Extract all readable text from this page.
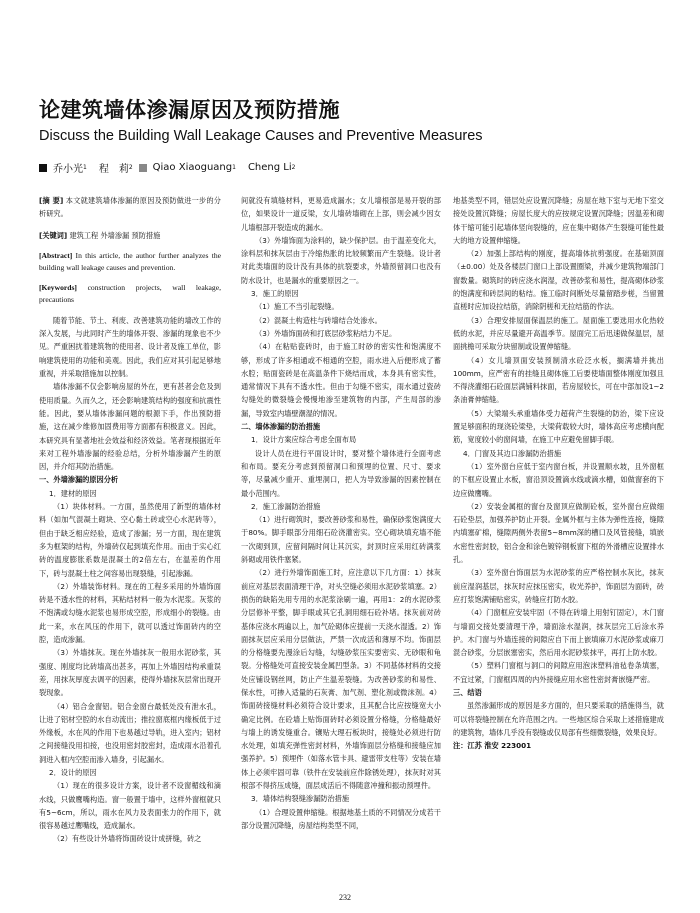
论建筑墙体渗漏原因及预防措施
Discuss the Building Wall Leakage Causes and Preventive Measures
乔小光 1 程　莉 2 Qiao Xiaoguang 1 Cheng Li 2

[摘 要] 本文就建筑墙体渗漏的原因及预防做进一步的分析研究。

[关键词] 建筑工程 外墙渗漏 预防措施

[Abstract] In this article, the author further analyzes the building wall leakage causes and prevention.

[Keywords] construction projects, wall leakage, precautions

随着节能、节土、利废、改善建筑功能的墙改工作的深入发展，与此同时产生的墙体开裂、渗漏的现象也不少见。严重困扰着建筑物的使用者、设计者及施工单位，影响建筑使用的功能和美观。因此，我们应对其引起足够地重视，并采取措施加以控制。

墙体渗漏不仅会影响房屋的外在，更有甚者会危及到使用质量。久而久之，还会影响建筑结构的强度和抗震性能。因此，要从墙体渗漏问题的根源下手，作出预防措施，这在减少维修加固费用等方面都有积极意义。因此，本研究具有显著地社会效益和经济效益。笔者现根据近年来对工程外墙渗漏的经验总结，分析外墙渗漏产生的原因，并介绍其防治措施。

一、外墙渗漏的原因分析

1．建材的原因

（1）块体材料。一方面，虽然使用了新型的墙体材料（如加气混凝土砌块、空心黏土砖或空心水泥砖等），但由于缺乏相应经验，造成了渗漏；另一方面，现在建筑多为框架的结构，外墙砖仅起到填充作用。而由于实心红砖的温度膨胀系数是混凝土的2倍左右，在温差的作用下，砖与混凝土柱之间容易出现裂缝，引起渗漏。

（2）外墙装饰材料。现在的工程多采用的外墙饰面砖是不透水性的材料，其粘结材料一般为水泥浆。灰浆的不饱满或勾缝水泥浆也易形成空腔，形成细小的裂缝。由此一来，水在风压的作用下，就可以透过饰面砖内的空腔，造成渗漏。

（3）外墙抹灰。现在外墙抹灰一般用水泥砂浆，其强度、刚度均比砖墙高出甚多，再加上外墙因结构承重误差，用抹灰厚度去调平的因素，使得外墙抹灰层常出现开裂现象。

（4）铝合金窗铝。铝合金窗台最低处没有泄水孔，让进了铝材空腔的水自动流出；推拉窗底框内缘板低于过外缘板，水在风的作用下也易越过导轨，进入室内；铝材之间接缝没用扣接，也没用密封胶密封，造成雨水沿着孔洞进入框内空腔而渗入墙身，引起漏水。

2．设计的原因

（1）现在的很多设计方案，设计者不设窗楣线和滴水线，只做鹰嘴构造。窗一般置于墙中，这样外窗框就只有5~6cm，所以，雨水在风力及表面张力的作用下，就很容易越过鹰嘴线，造成漏水。

（2）有些设计外墙将饰面砖设计成拼缝，砖之

间就没有填缝材料，更易造成漏水；女儿墙根部是易开裂的部位，如果设计一道反梁，女儿墙砖墙砌在上部，则会减少因女儿墙根部开裂造成的漏水。

（3）外墙饰面为涂料的，缺少保护层。由于温差变化大，涂料层和抹灰层由于冷缩热胀的比较频繁而产生裂缝。设计者对此类墙面的设计没有具体的抗裂要求，外墙预留洞口也没有防水设计，也是漏水的重要原因之一。

3．施工的原因

（1）施工不当引起裂缝。

（2）混凝土构造柱与砖墙结合处渗水。

（3）外墙饰面砖和打底层砂浆粘结力不足。

（4）在粘贴瓷砖时，由于施工时砂的密实性和饱满度不够，形成了许多相通或不相通的空腔，雨水进入后便形成了蓄水腔；贴面瓷砖是在高温条件下烧结而成，本身具有密实性，通常情况下具有不透水性。但由于勾缝不密实，雨水通过瓷砖勾缝处的微裂缝会慢慢地渗至建筑物的内部，产生局部的渗漏，导致室内墙壁潮湿的情况。

二、墙体渗漏的防治措施

1．设计方案应综合考虑全面布局

设计人员在进行平面设计时，要对整个墙体进行全面考虑和布局。要充分考虑到预留洞口和预埋的位置、尺寸、要求等，尽量减少重开、重埋洞口，把人为导致渗漏的因素控制在最小范围内。

2．施工渗漏防治措施

（1）进行砌筑时，要改善砂浆和易性，确保砂浆饱满度大于80%。脚手眼部分用细石砼浇灌密实。空心砌块填充墙不能一次砌到顶，应留间隔时间让其沉实，封顶时应采用红砖满浆斜砌或用铁件塞紧。

（2）进行外墙饰面施工时，应注意以下几方面：1）抹灰前应对基层表面清理干净，对头空缝必须用水泥砂浆填塞。2）损伤的缺陷先用专用的水泥浆涂刷一遍，再用1：2的水泥砂浆分层修补平整，脚手眼或其它孔洞用细石砼补堵。抹灰前对砖基体应浇水两遍以上，加气砼砌体应提前一天浇水湿透。2）饰面抹灰层应采用分层做法，严禁一次成活和薄厚不均。饰面层的分格缝要先漫涂后勾缝，勾缝砂浆压实要密实、无砂眼和龟裂。分格缝处可直接安装金属凹型条。3）不同基体材料的交接处应铺设钢丝网，防止产生温差裂缝。为改善砂浆的和易性、保水性，可掺入适量的石灰膏、加气剂、塑化剂或微沫剂。4）饰面砖接缝材料必须符合设计要求，且其配合比应按缝宽大小确定比例。在砼墙上贴饰面砖时必须设置分格缝，分格缝最好与墙上的诱发缝重合。镶贴大理石板块时，接缝处必须进行防水处理，如填充弹性密封材料，外墙饰面层分格缝和接缝应加强养护。5）预埋件（如落水管卡具、避雷带支柱等）安装在墙体上必须牢固可靠（铁件在安装前应作除锈处理），抹灰时对其根部不得挤压成缝，面层成活后不得随意冲撞和振动预埋件。

3．墙体结构裂缝渗漏防治措施

（1）合理设置伸缩缝。根据地基土质的不同情况分成若干部分设置沉降缝，房屋结构类型不同，

地基类型不同，错层处应设置沉降缝；房屋在地下室与无地下室交接处设置沉降缝；房屋长度大的应按规定设置沉降缝；因温差和砌体干缩可能引起墙体竖向裂缝的，应在集中砌体产生裂缝可能性最大的地方设置伸缩缝。

（2）加强上部结构的刚度，提高墙体抗剪强度。在基础顶面（±0.00）处及各楼层门窗口上部设置圈梁，并减少建筑物端部门窗数量。砌筑时的砖应浇水润湿，改善砂浆和易性，提高砌体砂浆的饱满度和砖层间的粘结。施工临时间断处尽量留踏步槎，当留置直槎时应加设拉结筋，消除阴槎和无拉结筋的作法。

（3）合理安排屋面保温层的施工。屋面施工要选用水化热较低的水泥，并应尽量避开高温季节。屋面完工后迅速做保温层，屋面挑檐可采取分块留制或设置伸缩缝。

（4）女儿墙顶面安装预制清水砼泛水板，搁满墙并挑出100mm，应严密有的挂缝且砌体施工后要使墙面整体刚度加强且不得浇灌细石砼面层满铺料抹面，若房屋较长，可在中部加设1~2条油膏伸缩缝。

（5）大梁端头承重墙体受力超荷产生裂缝的防治，梁下应设置足够面积的现浇砼梁垫，大梁荷载较大时，墙体高应考虑横向配筋，宽度较小的窗间墙，在施工中应避免留脚手眼。

4．门窗及其边口渗漏防治措施

（1）室外窗台应低于室内窗台板，并设置顺水坡，且外窗框的下框应设置止水板，窗沿顶设置滴水线或滴水槽，如做窗套的下边应做鹰嘴。

（2）安装金属框的窗台及窗顶应做制砼板，室外窗台应做细石砼垫层，加强养护防止开裂。金属外框与主体为弹性连接，缝隙内填塞矿棉，缝隙两侧外表留5~8mm深的槽口及风管接缝，填嵌水密性密封胶，铝合金和涂色镀锌钢板窗下框的外滑槽应设置排水孔。

（3）室外窗台饰面层为水泥砂浆的应严格控制水灰比，抹灰前应湿润基层，抹灰时应抹压密实，收光养护，饰面层为面砖，砖应打浆饱满铺贴密实，砖缝应打防水胶。

（4）门窗框应安装牢固（不得在砖墙上用射钉固定），木门窗与墙面交接处要清理干净，墙面涂水湿润，抹灰层完工后涂水养护。木门窗与外墙连接的间隙应自下而上嵌填麻刀水泥砂浆或麻刀混合砂浆，分层嵌塞密实，然后用水泥砂浆抹平，再打上防水胶。

（5）塑料门窗框与洞口的间隙应用泡沫塑料油毡卷条填塞，不宜过紧，门窗框四周的内外接缝应用水密性密封膏嵌缝严密。

三、结语

虽然渗漏形成的原因是多方面的，但只要采取的措施得当，就可以将裂缝控制在允许范围之内。一些地区综合采取上述措施建成的建筑物，墙体几乎没有裂缝或仅局部有些细微裂缝，效果良好。

注：江苏 淮安 223001

232
